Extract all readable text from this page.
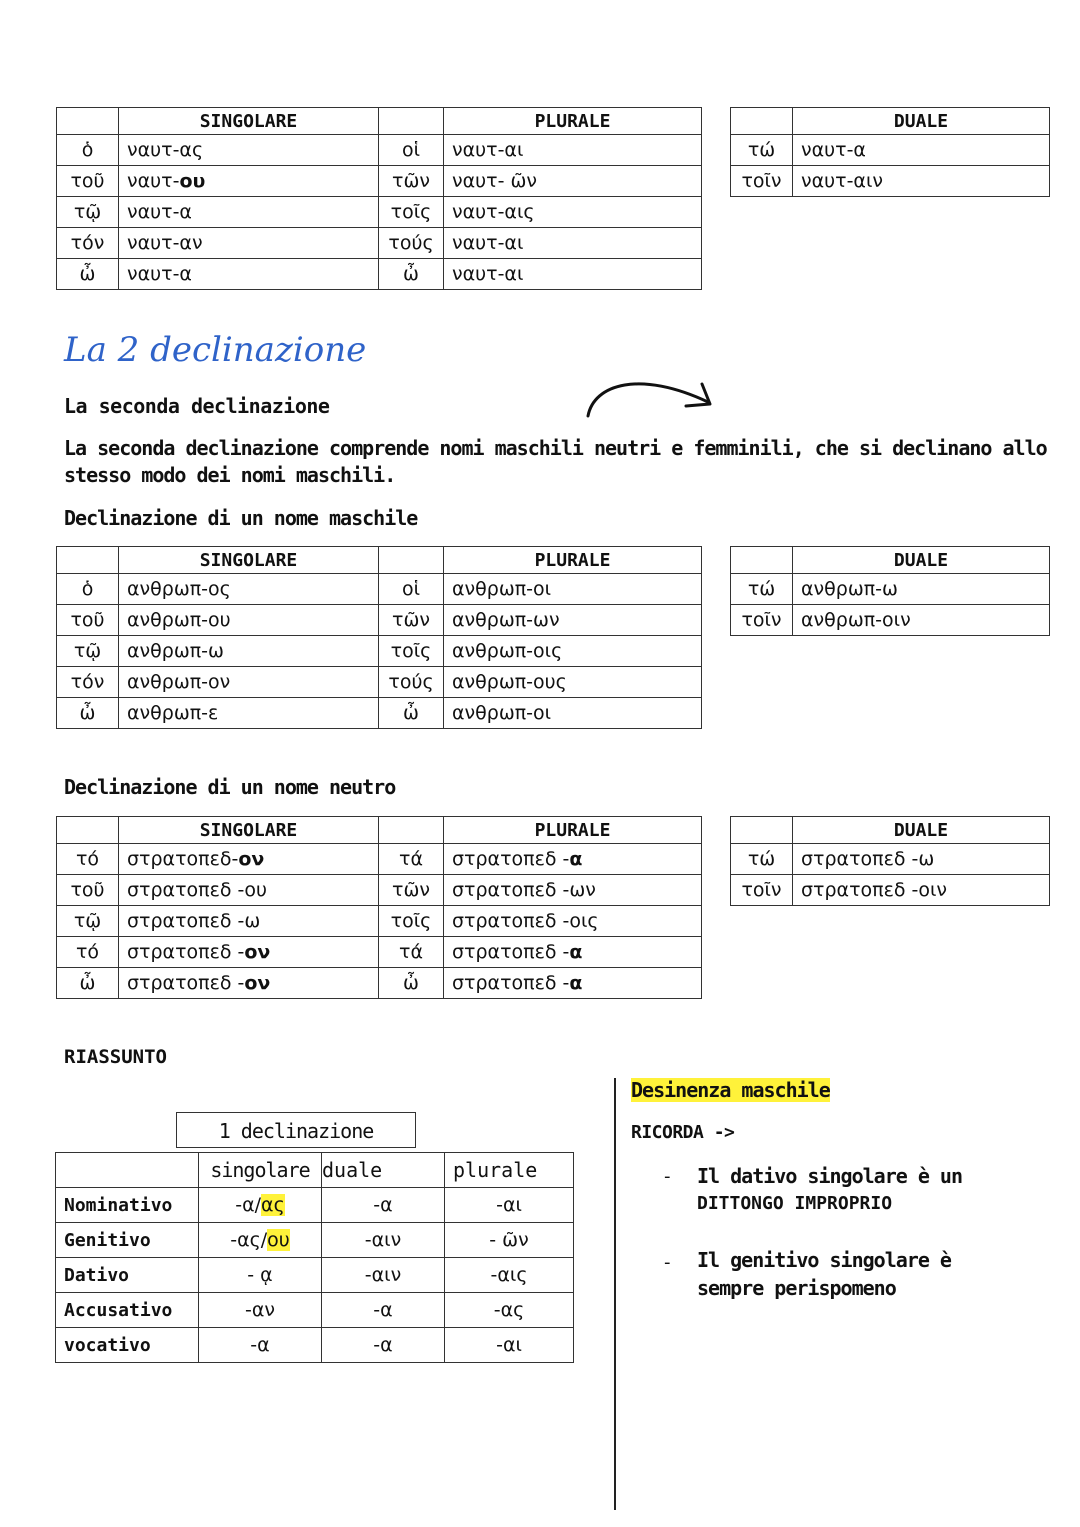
	SINGOLARE		PLURALE			DUALE
ὁ	ναυτ-ας	οἱ	ναυτ-αι		τώ	ναυτ-α
τοῦ	ναυτ-ου	τῶν	ναυτ- ῶν		τοῖν	ναυτ-αιν
τῷ	ναυτ-α	τοῖς	ναυτ-αις			
τόν	ναυτ-αν	τούς	ναυτ-αι			
ὦ	ναυτ-α	ὦ	ναυτ-αι			
La 2 declinazione
La seconda declinazione
La seconda declinazione comprende nomi maschili neutri e femminili, che si declinano allo
stesso modo dei nomi maschili.
Declinazione di un nome maschile
	SINGOLARE		PLURALE			DUALE
ὁ	ανθρωπ-ος	οἱ	ανθρωπ-οι		τώ	ανθρωπ-ω
τοῦ	ανθρωπ-ου	τῶν	ανθρωπ-ων		τοῖν	ανθρωπ-οιν
τῷ	ανθρωπ-ω	τοῖς	ανθρωπ-οις			
τόν	ανθρωπ-ον	τούς	ανθρωπ-ους			
ὦ	ανθρωπ-ε	ὦ	ανθρωπ-οι			
Declinazione di un nome neutro
	SINGOLARE		PLURALE			DUALE
τό	στρατοπεδ-ον	τά	στρατοπεδ -α		τώ	στρατοπεδ -ω
τοῦ	στρατοπεδ -ου	τῶν	στρατοπεδ -ων		τοῖν	στρατοπεδ -οιν
τῷ	στρατοπεδ -ω	τοῖς	στρατοπεδ -οις			
τό	στρατοπεδ -ον	τά	στρατοπεδ -α			
ὦ	στρατοπεδ -ον	ὦ	στρατοπεδ -α			
RIASSUNTO
1 declinazione
	singolare	duale	plurale
Nominativo	-α/ας	-α	-αι
Genitivo	-ας/ου	-αιν	- ῶν
Dativo	- ᾳ	-αιν	-αις
Accusativo	-αν	-α	-ας
vocativo	-α	-α	-αι
Desinenza maschile
RICORDA ->
- Il dativo singolare è un
DITTONGO IMPROPRIO
- Il genitivo singolare è
sempre perispomeno
